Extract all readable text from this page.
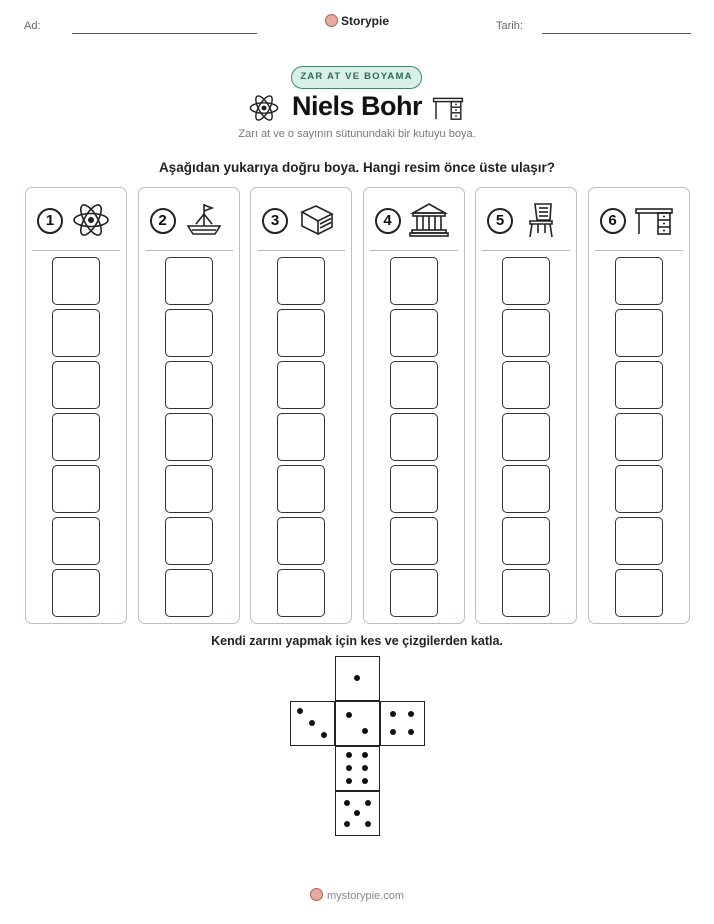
Ad:	Storypie	Tarih:
ZAR AT VE BOYAMA
Niels Bohr
Zarı at ve o sayının sütunundaki bir kutuyu boya.
Aşağıdan yukarıya doğru boya. Hangi resim önce üste ulaşır?
1	2	3	4	5	6
Kendi zarını yapmak için kes ve çizgilerden katla.
mystorypie.com
